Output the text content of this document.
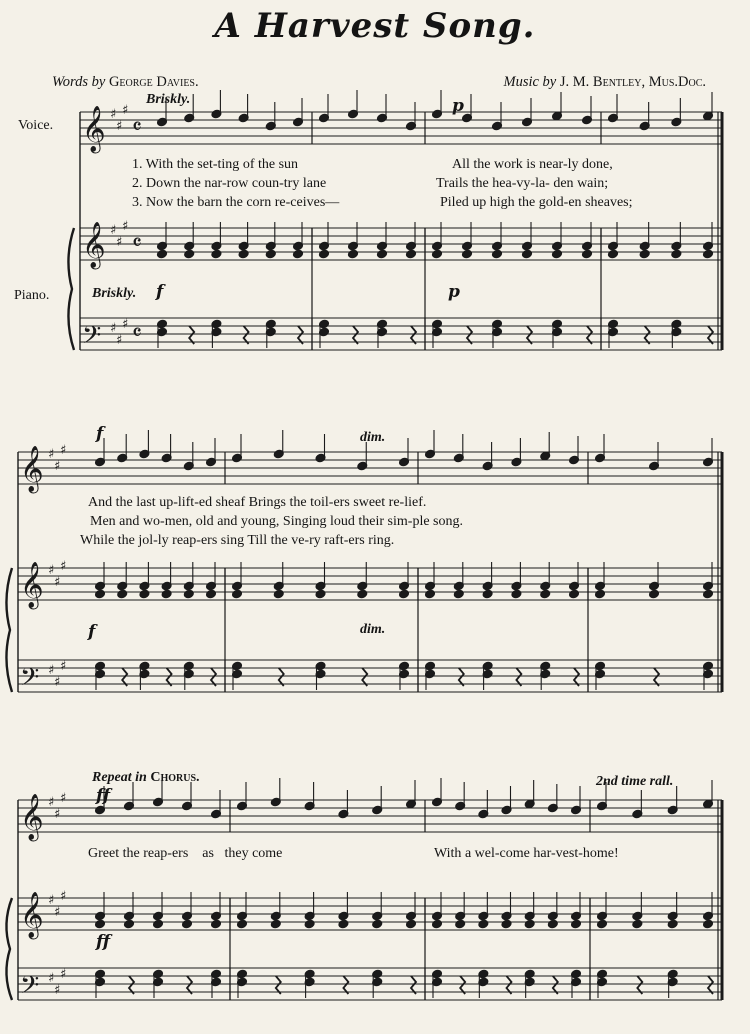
A Harvest Song.
Words by George Davies.	Music by J. M. Bentley, Mus.Doc.
Voice.
Piano.
Briskly.	p
Briskly. f	p
f	dim.
f	dim.
Repeat in Chorus.
ff
2nd time rall.
ff
1. With the set-ting of the sun	All the work is near-ly done,
2. Down the nar-row coun-try lane	Trails the hea-vy-la- den wain;
3. Now the barn the corn re-ceives—	Piled up high the gold-en sheaves;
And the last up-lift-ed sheaf Brings the toil-ers sweet re-lief.
Men and wo-men, old and young, Singing loud their sim-ple song.
While the jol-ly reap-ers sing Till the ve-ry raft-ers ring.
Greet the reap-ers as they come	With a wel-come har-vest-home!
𝄞 ♯
♯
♯
𝄴
𝄞 ♯
♯
♯
𝄴
𝄢 ♯
♯
♯ 𝄴
𝄞 ♯
♯
♯
𝄞 ♯
♯
♯
𝄢 ♯
♯
♯
𝄞 ♯
♯
♯
𝄞 ♯
♯
♯
𝄢 ♯
♯
♯
